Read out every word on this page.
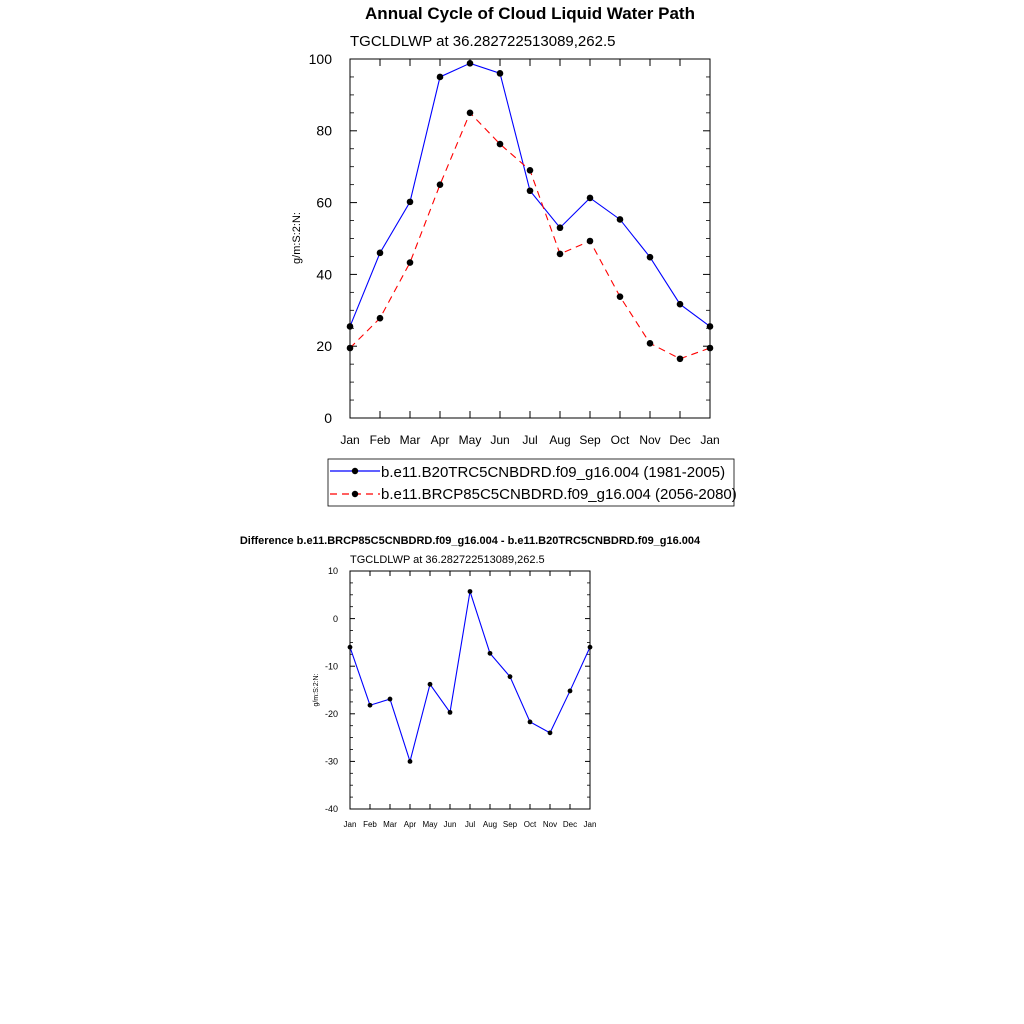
Annual Cycle of Cloud Liquid Water Path
TGCLDLWP at 36.282722513089,262.5
g/m:S:2:N:
0
20
40
60
80
100
Jan Feb Mar Apr May Jun Jul Aug Sep Oct Nov Dec Jan
b.e11.B20TRC5CNBDRD.f09_g16.004 (1981-2005)
b.e11.BRCP85C5CNBDRD.f09_g16.004 (2056-2080)
Difference b.e11.BRCP85C5CNBDRD.f09_g16.004 - b.e11.B20TRC5CNBDRD.f09_g16.004
TGCLDLWP at 36.282722513089,262.5
g/m:S:2:N:
-40
-30
-20
-10
0
10
Jan Feb Mar Apr May Jun Jul Aug Sep Oct Nov Dec Jan
